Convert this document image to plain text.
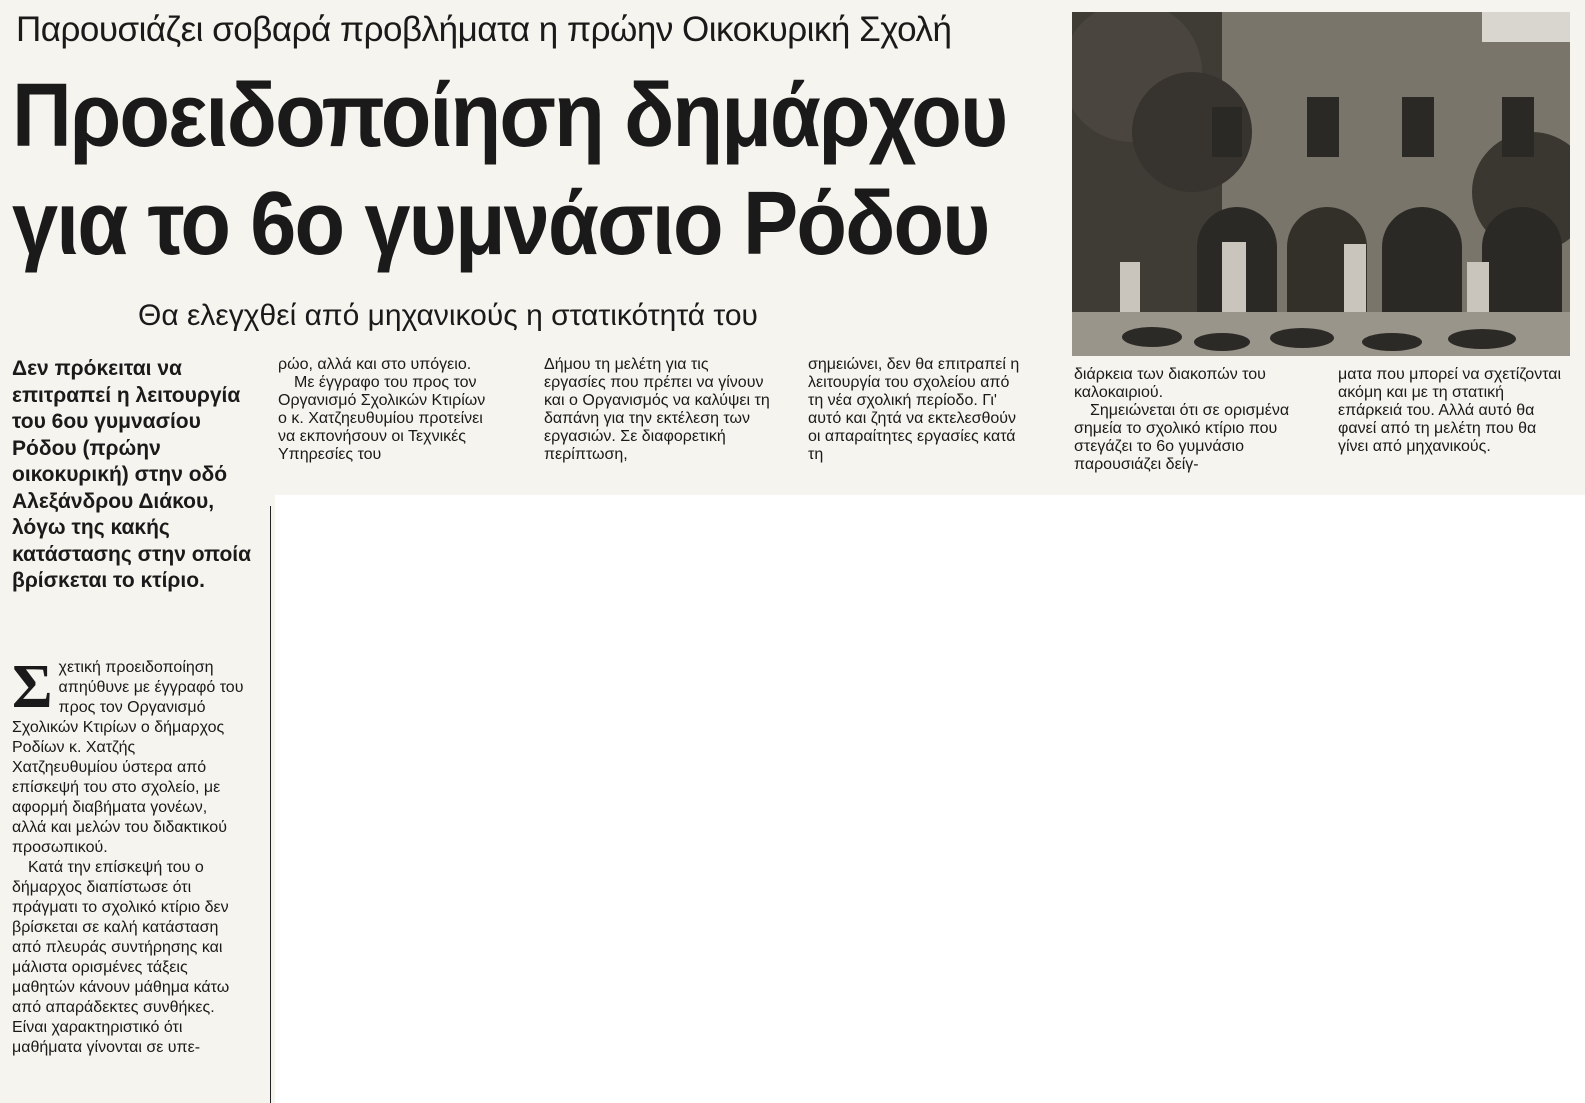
Παρουσιάζει σοβαρά προβλήματα η πρώην Οικοκυρική Σχολή
Προειδοποίηση δημάρχου
για το 6ο γυμνάσιο Ρόδου
Θα ελεγχθεί από μηχανικούς η στατικότητά του
Δεν πρόκειται να επιτραπεί η λειτουργία του 6ου γυμνασίου Ρόδου (πρώην οικοκυρική) στην οδό Αλεξάνδρου Διάκου, λόγω της κακής κατάστασης στην οποία βρίσκεται το κτίριο.

Σχετική προειδοποίηση απηύθυνε με έγγραφό του προς τον Οργανισμό Σχολικών Κτιρίων ο δήμαρχος Ροδίων κ. Χατζής Χατζηευθυμίου ύστερα από επίσκεψή του στο σχολείο, με αφορμή διαβήματα γονέων, αλλά και μελών του διδακτικού προσωπικού.

Κατά την επίσκεψή του ο δήμαρχος διαπίστωσε ότι πράγματι το σχολικό κτίριο δεν βρίσκεται σε καλή κατάσταση από πλευράς συντήρησης και μάλιστα ορισμένες τάξεις μαθητών κάνουν μάθημα κάτω από απαράδεκτες συνθήκες. Είναι χαρακτηριστικό ότι μαθήματα γίνονται σε υπε-

ρώο, αλλά και στο υπόγειο.

Με έγγραφο του προς τον Οργανισμό Σχολικών Κτιρίων ο κ. Χατζηευθυμίου προτείνει να εκπονήσουν οι Τεχνικές Υπηρεσίες του

Δήμου τη μελέτη για τις εργασίες που πρέπει να γίνουν και ο Οργανισμός να καλύψει τη δαπάνη για την εκτέλεση των εργασιών. Σε διαφορετική περίπτωση,

σημειώνει, δεν θα επιτραπεί η λειτουργία του σχολείου από τη νέα σχολική περίοδο. Γι' αυτό και ζητά να εκτελεσθούν οι απαραίτητες εργασίες κατά τη

διάρκεια των διακοπών του καλοκαιριού.

Σημειώνεται ότι σε ορισμένα σημεία το σχολικό κτίριο που στεγάζει το 6ο γυμνάσιο παρουσιάζει δείγ-

ματα που μπορεί να σχετίζονται ακόμη και με τη στατική επάρκειά του. Αλλά αυτό θα φανεί από τη μελέτη που θα γίνει από μηχανικούς.
